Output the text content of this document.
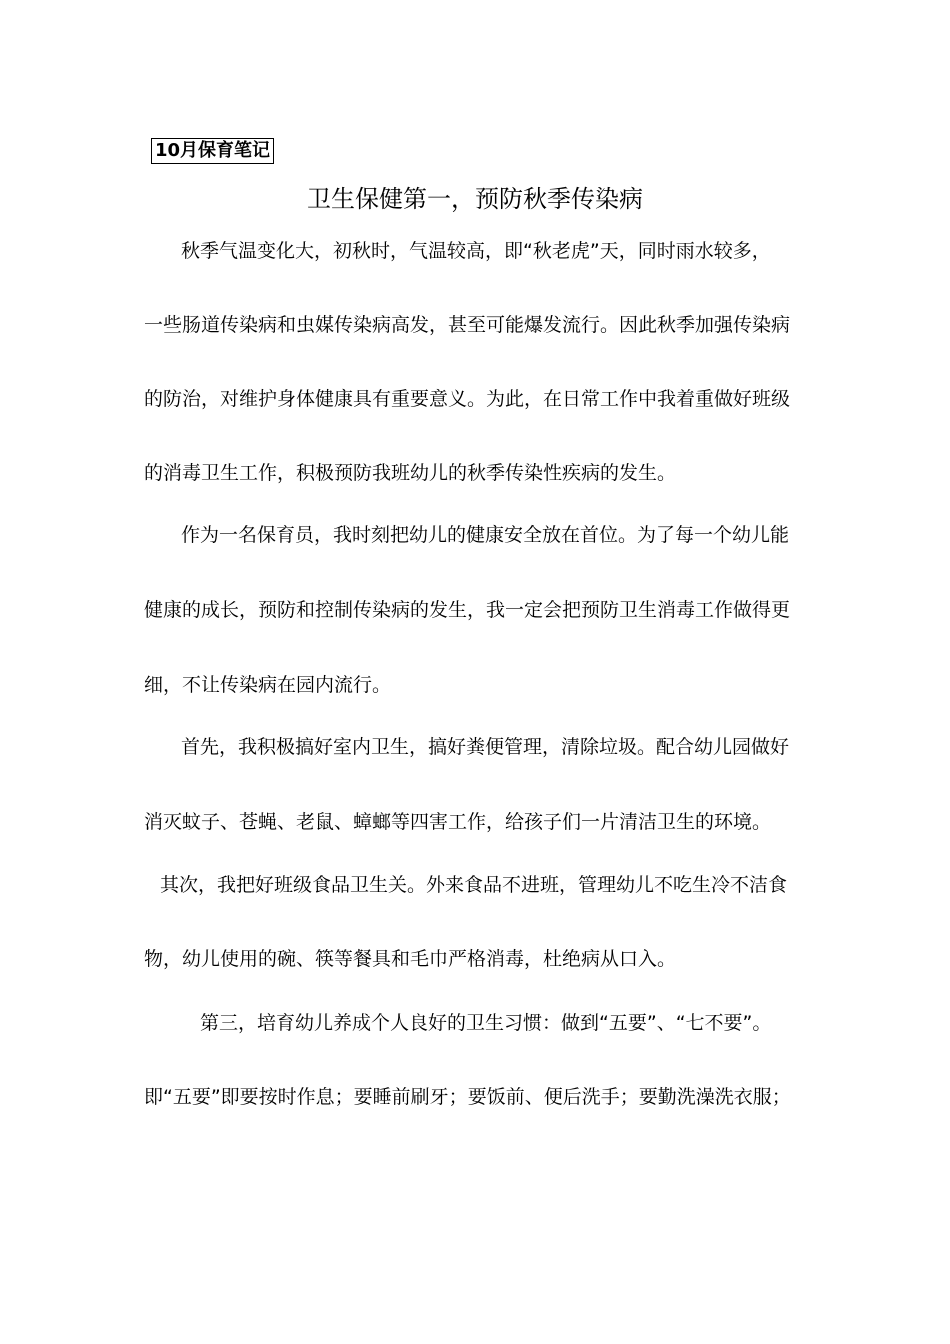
10月保育笔记
卫生保健第一，预防秋季传染病
秋季气温变化大，初秋时，气温较高，即“秋老虎”天，同时雨水较多，
一些肠道传染病和虫媒传染病高发，甚至可能爆发流行。因此秋季加强传染病
的防治，对维护身体健康具有重要意义。为此，在日常工作中我着重做好班级
的消毒卫生工作，积极预防我班幼儿的秋季传染性疾病的发生。
作为一名保育员，我时刻把幼儿的健康安全放在首位。为了每一个幼儿能
健康的成长，预防和控制传染病的发生，我一定会把预防卫生消毒工作做得更
细，不让传染病在园内流行。
首先，我积极搞好室内卫生，搞好粪便管理，清除垃圾。配合幼儿园做好
消灭蚊子、苍蝇、老鼠、蟑螂等四害工作，给孩子们一片清洁卫生的环境。
其次，我把好班级食品卫生关。外来食品不进班，管理幼儿不吃生冷不洁食
物，幼儿使用的碗、筷等餐具和毛巾严格消毒，杜绝病从口入。
第三，培育幼儿养成个人良好的卫生习惯：做到“五要”、“七不要”。
即“五要”即要按时作息；要睡前刷牙；要饭前、便后洗手；要勤洗澡洗衣服；
